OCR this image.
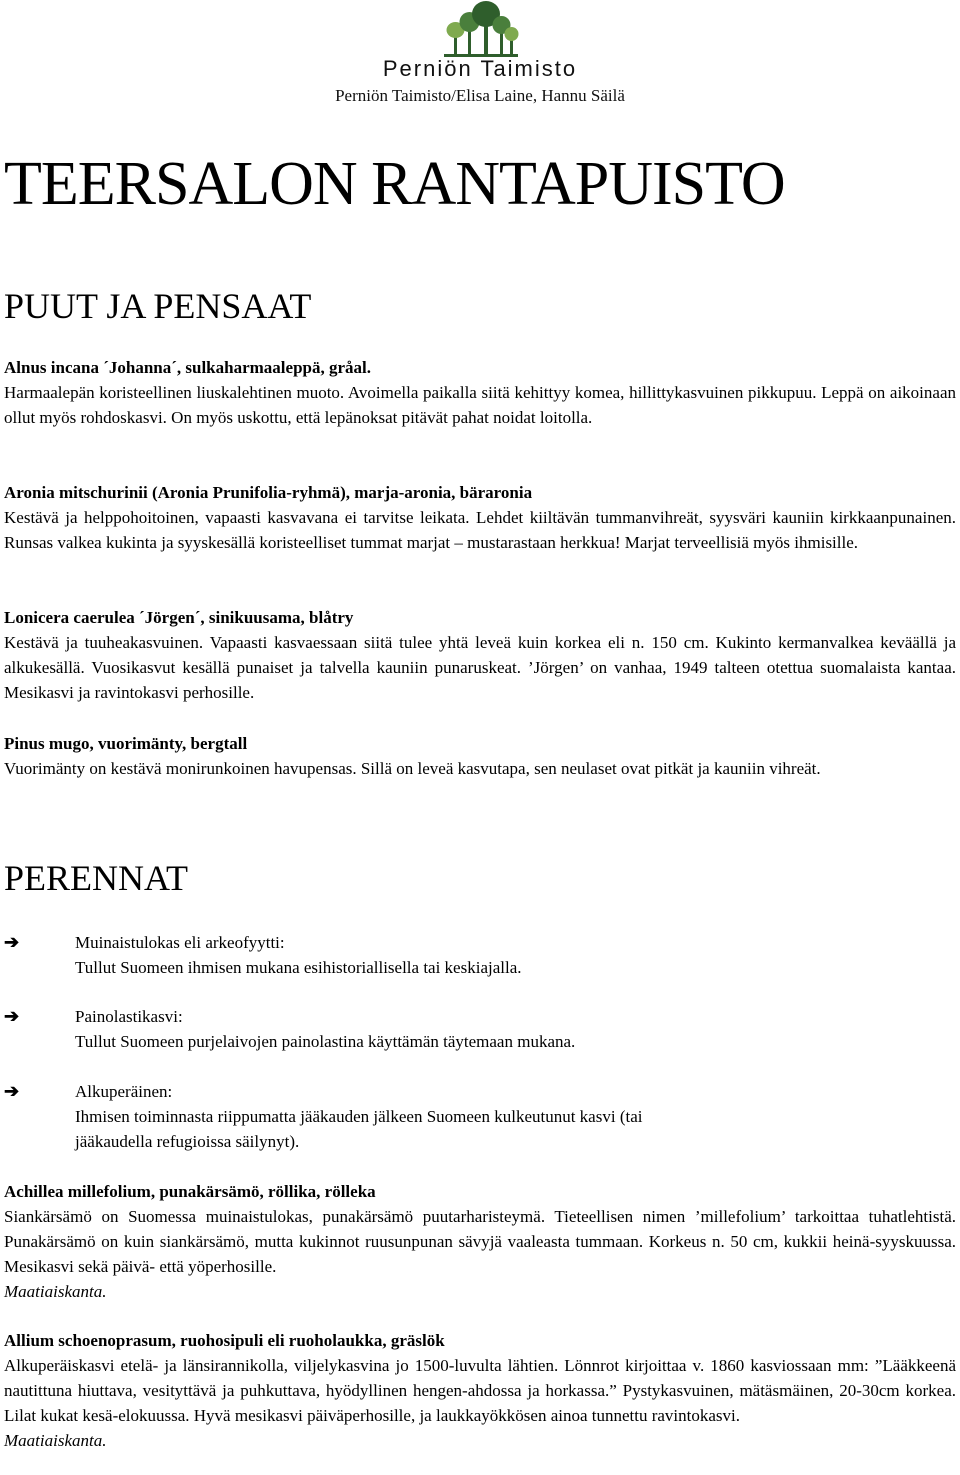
Perniön Taimisto
Perniön Taimisto/Elisa Laine, Hannu Säilä
TEERSALON RANTAPUISTO
PUUT JA PENSAAT
Alnus incana ´Johanna´, sulkaharmaaleppä, gråal.
Harmaalepän koristeellinen liuskalehtinen muoto. Avoimella paikalla siitä kehittyy komea, hillittykasvuinen pikkupuu. Leppä on aikoinaan ollut myös rohdoskasvi. On myös uskottu, että lepänoksat pitävät pahat noidat loitolla.
Aronia mitschurinii (Aronia Prunifolia-ryhmä), marja-aronia, bäraronia
Kestävä ja helppohoitoinen, vapaasti kasvavana ei tarvitse leikata. Lehdet kiiltävän tummanvihreät, syysväri kauniin kirkkaanpunainen. Runsas valkea kukinta ja syyskesällä koristeelliset tummat marjat – mustarastaan herkkua! Marjat terveellisiä myös ihmisille.
Lonicera caerulea ´Jörgen´, sinikuusama, blåtry
Kestävä ja tuuheakasvuinen. Vapaasti kasvaessaan siitä tulee yhtä leveä kuin korkea eli n. 150 cm. Kukinto kermanvalkea keväällä ja alkukesällä. Vuosikasvut kesällä punaiset ja talvella kauniin punaruskeat. ’Jörgen’ on vanhaa, 1949 talteen otettua suomalaista kantaa. Mesikasvi ja ravintokasvi perhosille.
Pinus mugo, vuorimänty, bergtall
Vuorimänty on kestävä monirunkoinen havupensas. Sillä on leveä kasvutapa, sen neulaset ovat pitkät ja kauniin vihreät.
PERENNAT
➔	Muinaistulokas eli arkeofyytti:
Tullut Suomeen ihmisen mukana esihistoriallisella tai keskiajalla.
➔	Painolastikasvi:
Tullut Suomeen purjelaivojen painolastina käyttämän täytemaan mukana.
➔	Alkuperäinen:
Ihmisen toiminnasta riippumatta jääkauden jälkeen Suomeen kulkeutunut kasvi (tai jääkaudella refugioissa säilynyt).
Achillea millefolium, punakärsämö, röllika, rölleka
Siankärsämö on Suomessa muinaistulokas, punakärsämö puutarharisteymä. Tieteellisen nimen ’millefolium’ tarkoittaa tuhatlehtistä. Punakärsämö on kuin siankärsämö, mutta kukinnot ruusunpunan sävyjä vaaleasta tummaan. Korkeus n. 50 cm, kukkii heinä-syyskuussa. Mesikasvi sekä päivä- että yöperhosille.
Maatiaiskanta.
Allium schoenoprasum, ruohosipuli eli ruoholaukka, gräslök
Alkuperäiskasvi etelä- ja länsirannikolla, viljelykasvina jo 1500-luvulta lähtien. Lönnrot kirjoittaa v. 1860 kasviossaan mm: ”Lääkkeenä nautittuna hiuttava, vesityttävä ja puhkuttava, hyödyllinen hengen-ahdossa ja horkassa.” Pystykasvuinen, mätäsmäinen, 20-30cm korkea. Lilat kukat kesä-elokuussa. Hyvä mesikasvi päiväperhosille, ja laukkayökkösen ainoa tunnettu ravintokasvi.
Maatiaiskanta.
